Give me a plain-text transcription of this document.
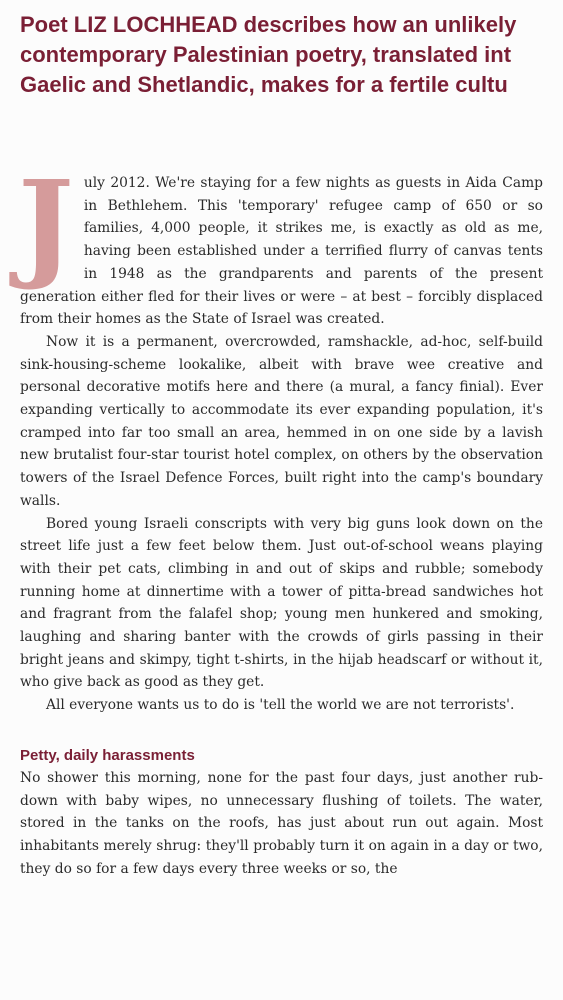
Poet LIZ LOCHHEAD describes how an unlikely
contemporary Palestinian poetry, translated int
Gaelic and Shetlandic, makes for a fertile cultu

J uly 2012. We're staying for a few nights as guests in Aida Camp in Bethlehem. This 'temporary' refugee camp of 650 or so families, 4,000 people, it strikes me, is exactly as old as me, having been established under a terrified flurry of canvas tents in 1948 as the grandparents and parents of the present generation either fled for their lives or were – at best – forcibly displaced from their homes as the State of Israel was created.

Now it is a permanent, overcrowded, ramshackle, ad-hoc, self-build sink-housing-scheme lookalike, albeit with brave wee creative and personal decorative motifs here and there (a mural, a fancy finial). Ever expanding vertically to accommodate its ever expanding population, it's cramped into far too small an area, hemmed in on one side by a lavish new brutalist four-star tourist hotel complex, on others by the observation towers of the Israel Defence Forces, built right into the camp's boundary walls.

Bored young Israeli conscripts with very big guns look down on the street life just a few feet below them. Just out-of-school weans playing with their pet cats, climbing in and out of skips and rubble; somebody running home at dinnertime with a tower of pitta-bread sandwiches hot and fragrant from the falafel shop; young men hunkered and smoking, laughing and sharing banter with the crowds of girls passing in their bright jeans and skimpy, tight t-shirts, in the hijab headscarf or without it, who give back as good as they get.

All everyone wants us to do is 'tell the world we are not terrorists'.

Petty, daily harassments

No shower this morning, none for the past four days, just another rub-down with baby wipes, no unnecessary flushing of toilets. The water, stored in the tanks on the roofs, has just about run out again. Most inhabitants merely shrug: they'll probably turn it on again in a day or two, they do so for a few days every three weeks or so, the
